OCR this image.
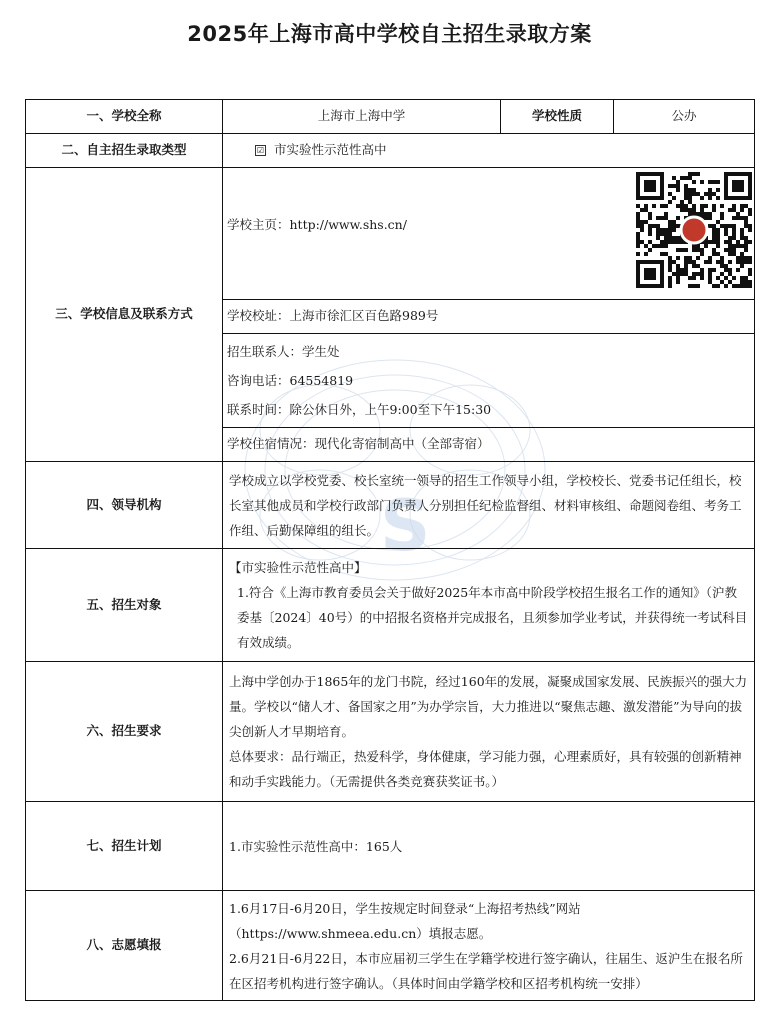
2025年上海市高中学校自主招生录取方案
S
一、学校全称	上海市上海中学	学校性质	公办
二、自主招生录取类型	☑ 市实验性示范性高中		
三、学校信息及联系方式	学校主页：http://www.shs.cn/		

	学校校址：上海市徐汇区百色路989号		

	招生联系人：学生处
咨询电话：64554819
联系时间：除公休日外，上午9:00至下午15:30		

	学校住宿情况：现代化寄宿制高中（全部寄宿）		
四、领导机构	学校成立以学校党委、校长室统一领导的招生工作领导小组，学校校长、党委书记任组长，校长室其他成员和学校行政部门负责人分别担任纪检监督组、材料审核组、命题阅卷组、考务工作组、后勤保障组的组长。		

五、招生对象	【市实验性示范性高中】

1.符合《上海市教育委员会关于做好2025年本市高中阶段学校招生报名工作的通知》（沪教委基〔2024〕40号）的中招报名资格并完成报名，且须参加学业考试，并获得统一考试科目有效成绩。		

六、招生要求	上海中学创办于1865年的龙门书院，经过160年的发展，凝聚成国家发展、民族振兴的强大力量。学校以“储人才、备国家之用”为办学宗旨，大力推进以“聚焦志趣、激发潜能”为导向的拔尖创新人才早期培育。

总体要求：品行端正，热爱科学，身体健康，学习能力强，心理素质好，具有较强的创新精神和动手实践能力。（无需提供各类竞赛获奖证书。）		

七、招生计划	1.市实验性示范性高中：165人		

八、志愿填报	1.6月17日-6月20日，学生按规定时间登录“上海招考热线”网站（https://www.shmeea.edu.cn）填报志愿。

2.6月21日-6月22日，本市应届初三学生在学籍学校进行签字确认，往届生、返沪生在报名所在区招考机构进行签字确认。（具体时间由学籍学校和区招考机构统一安排）		
